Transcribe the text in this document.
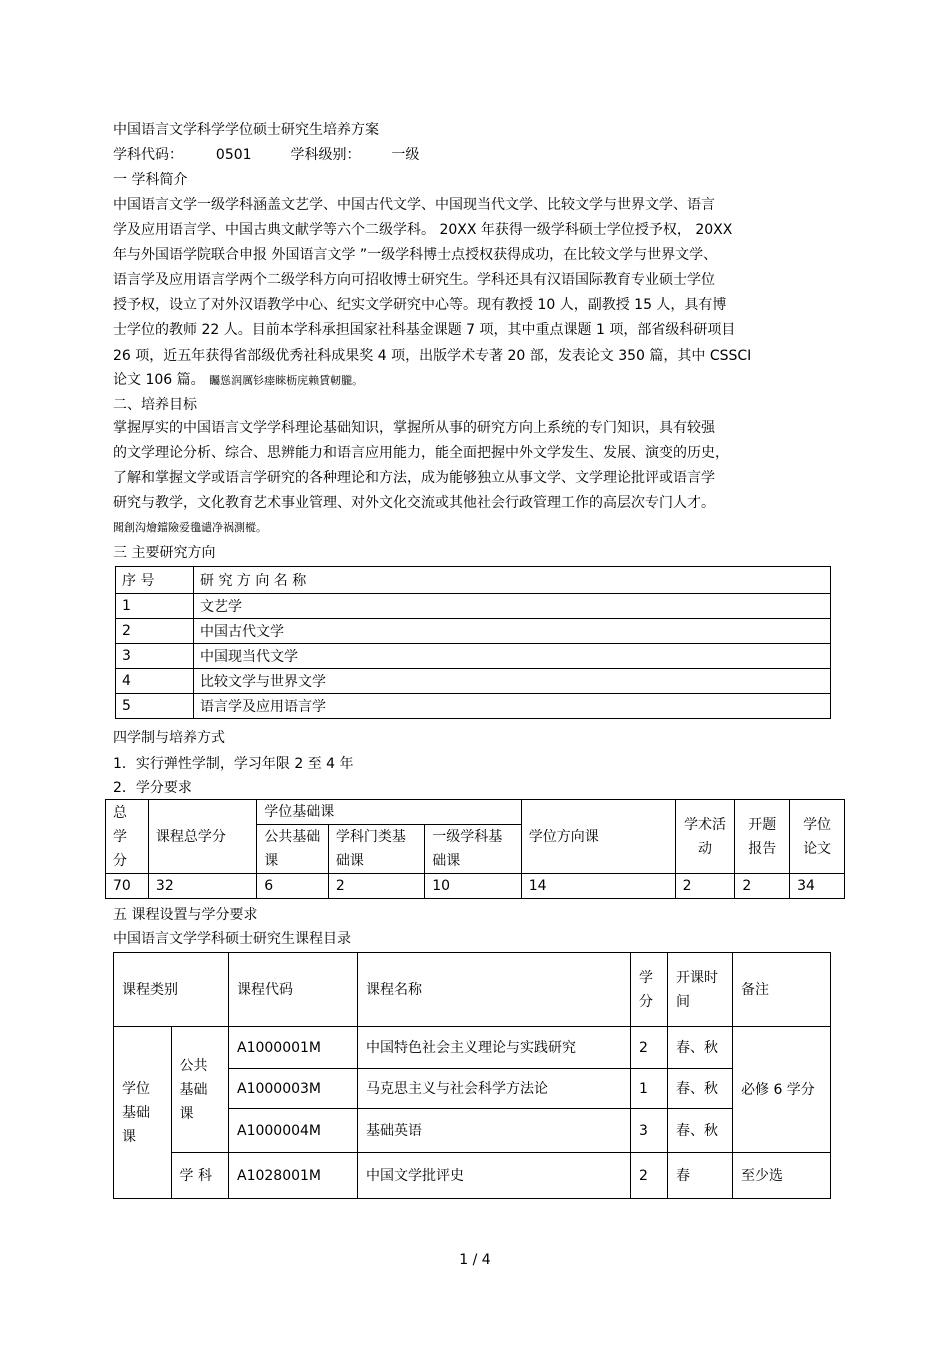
中国语言文学科学学位硕士研究生培养方案
学科代码： 0501	学科级别： 一级
一 学科简介
中国语言文学一级学科涵盖文艺学、中国古代文学、中国现当代文学、比较文学与世界文学、语言
学及应用语言学、中国古典文献学等六个二级学科。 20XX 年获得一级学科硕士学位授予权， 20XX
年与外国语学院联合申报 外国语言文学 ”一级学科博士点授权获得成功，在比较文学与世界文学、
语言学及应用语言学两个二级学科方向可招收博士研究生。学科还具有汉语国际教育专业硕士学位
授予权，设立了对外汉语教学中心、纪实文学研究中心等。现有教授 10 人，副教授 15 人，具有博
士学位的教师 22 人。目前本学科承担国家社科基金课题 7 项，其中重点课题 1 项，部省级科研项目
26 项，近五年获得省部级优秀社科成果奖 4 项，出版学术专著 20 部，发表论文 350 篇，其中 CSSCI
论文 106 篇。 矚慫润厲钐瘗睞枥庑赖賃軔朧。
二、培养目标
掌握厚实的中国语言文学学科理论基础知识，掌握所从事的研究方向上系统的专门知识，具有较强
的文学理论分析、综合、思辨能力和语言应用能力，能全面把握中外文学发生、发展、演变的历史，
了解和掌握文学或语言学研究的各种理论和方法，成为能够独立从事文学、文学理论批评或语言学
研究与教学，文化教育艺术事业管理、对外文化交流或其他社会行政管理工作的高层次专门人才。
聞創沟燴鐺險爱氇谴净祸測樅。
三 主要研究方向
序 号	研 究 方 向 名 称
1	文艺学
2	中国古代文学
3	中国现当代文学
4	比较文学与世界文学
5	语言学及应用语言学
四学制与培养方式
1．实行弹性学制，学习年限 2 至 4 年
2．学分要求
总学分	课程总学分	学位基础课			学位方向课	学术活动	开题报告	学位论文
		公共基础课	学科门类基础课	一级学科基础课				
70	32	6	2	10	14	2	2	34
五 课程设置与学分要求
中国语言文学学科硕士研究生课程目录
课程类别		课程代码	课程名称	学分	开课时间	备注
学位基础课	公共基础课	A1000001M	中国特色社会主义理论与实践研究	2	春、秋	必修 6 学分
		A1000003M	马克思主义与社会科学方法论	1	春、秋	
		A1000004M	基础英语	3	春、秋	
	学 科	A1028001M	中国文学批评史	2	春	至少选
1 / 4
